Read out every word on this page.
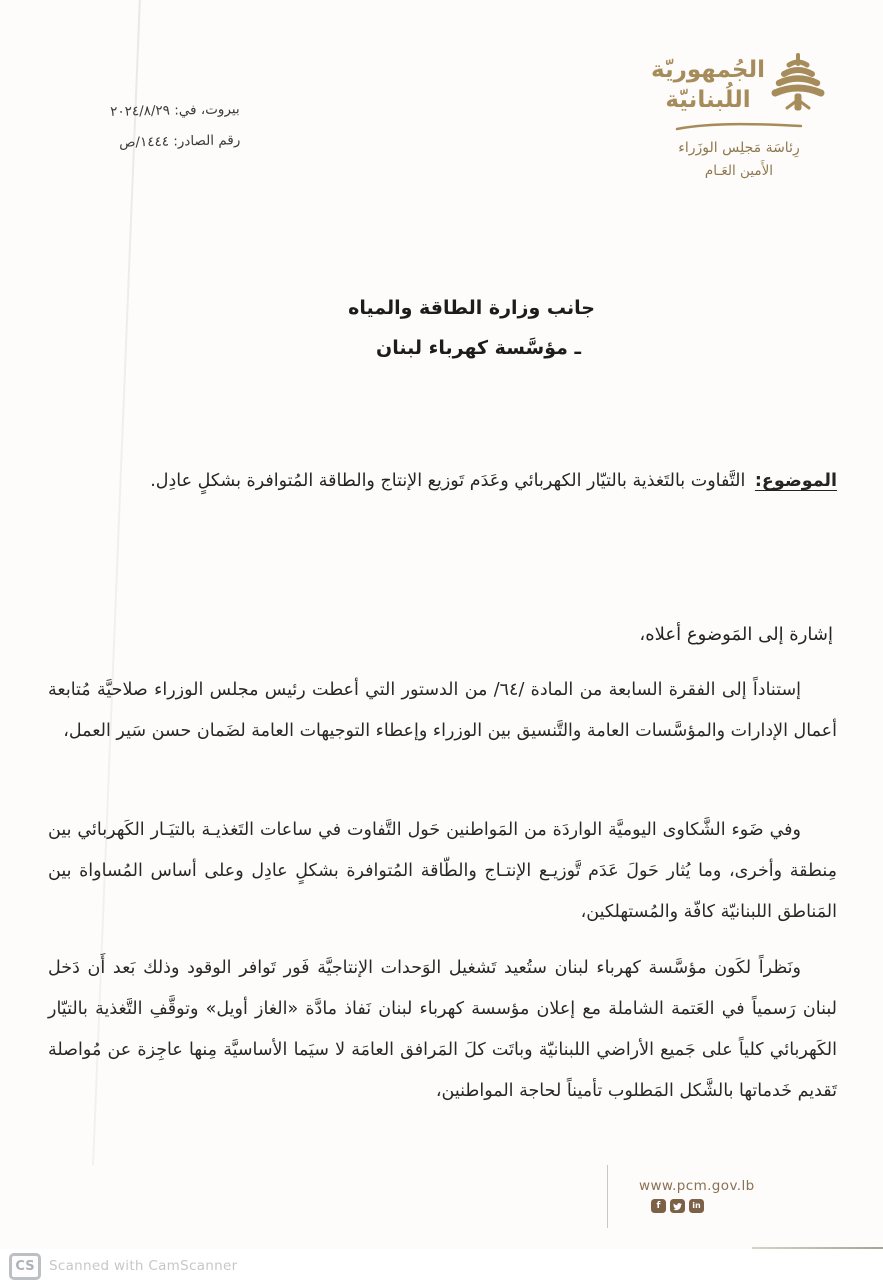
بيروت، في: ٢٠٢٤/٨/٢٩
رقم الصادر: ١٤٤٤/ص
الجُمهوريّة
اللُبنانيّة
رِئاسَة مَجلِس الوزَراء
الأَمين العَـام
جانب وزارة الطاقة والمياه
ـ مؤسَّسة كهرباء لبنان
الموضوع: التَّفاوت بالتَغذية بالتيّار الكهربائي وعَدَم تَوزيع الإنتاج والطاقة المُتوافرة بشكلٍ عادِل.
إشارة إلى المَوضوع أعلاه،

إستناداً إلى الفقرة السابعة من المادة /٦٤/ من الدستور التي أعطت رئيس مجلس الوزراء صلاحيَّة مُتابعة أعمال الإدارات والمؤسَّسات العامة والتَّنسيق بين الوزراء وإعطاء التوجيهات العامة لضَمان حسن سَير العمل،

وفي ضَوء الشَّكاوى اليوميَّة الواردَة من المَواطنين حَول التَّفاوت في ساعات التَغذيـة بالتيَـار الكَهربائي بين مِنطقة وأخرى، وما يُثار حَولَ عَدَم تَّوزيـع الإنتـاج والطّاقة المُتوافرة بشكلٍ عادِل وعلى أساس المُساواة بين المَناطق اللبنانيّة كافّة والمُستهلكين،

ونَظراً لكَون مؤسَّسة كهرباء لبنان ستُعيد تَشغيل الوَحدات الإنتاجيَّة فَور تَوافر الوقود وذلك بَعد أَن دَخل لبنان رَسمياً في العَتمة الشاملة مع إعلان مؤسسة كهرباء لبنان نَفاذ مادَّة «الغاز أويل» وتوقَّفِ التَّغذية بالتيّار الكَهربائي كلياً على جَميع الأراضي اللبنانيّة وباتَت كلَ المَرافق العامَة لا سيَما الأساسيَّة مِنها عاجِزة عن مُواصلة تَقديم خَدماتها بالشَّكل المَطلوب تأميناً لحاجة المواطنين،

www.pcm.gov.lb
f	in
CS Scanned with CamScanner
